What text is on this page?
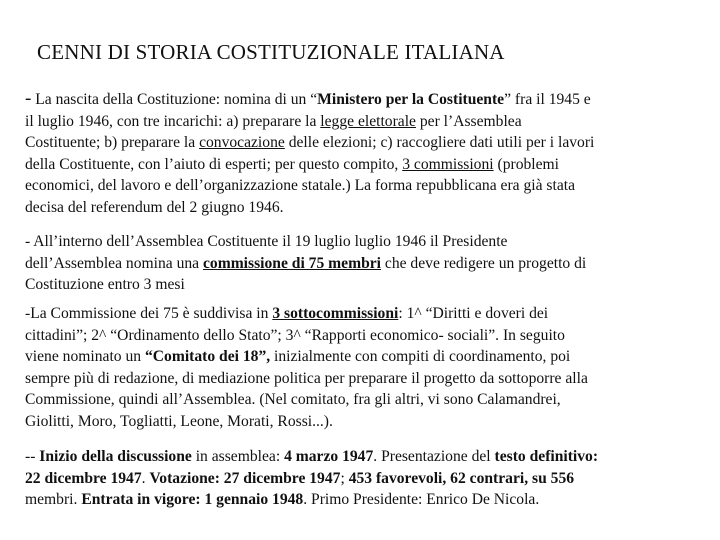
CENNI DI STORIA COSTITUZIONALE ITALIANA
- La nascita della Costituzione: nomina di un “Ministero per la Costituente” fra il 1945 e
il luglio 1946, con tre incarichi: a) preparare la legge elettorale per l’Assemblea
Costituente; b) preparare la convocazione delle elezioni; c) raccogliere dati utili per i lavori
della Costituente, con l’aiuto di esperti; per questo compito, 3 commissioni (problemi
economici, del lavoro e dell’organizzazione statale.) La forma repubblicana era già stata
decisa del referendum del 2 giugno 1946.
- All’interno dell’Assemblea Costituente il 19 luglio luglio 1946 il Presidente
dell’Assemblea nomina una commissione di 75 membri che deve redigere un progetto di
Costituzione entro 3 mesi
-La Commissione dei 75 è suddivisa in 3 sottocommissioni: 1^ “Diritti e doveri dei
cittadini”; 2^ “Ordinamento dello Stato”; 3^ “Rapporti economico- sociali”. In seguito
viene nominato un “Comitato dei 18”, inizialmente con compiti di coordinamento, poi
sempre più di redazione, di mediazione politica per preparare il progetto da sottoporre alla
Commissione, quindi all’Assemblea. (Nel comitato, fra gli altri, vi sono Calamandrei,
Giolitti, Moro, Togliatti, Leone, Morati, Rossi...).
-- Inizio della discussione in assemblea: 4 marzo 1947. Presentazione del testo definitivo:
22 dicembre 1947. Votazione: 27 dicembre 1947; 453 favorevoli, 62 contrari, su 556
membri. Entrata in vigore: 1 gennaio 1948. Primo Presidente: Enrico De Nicola.
